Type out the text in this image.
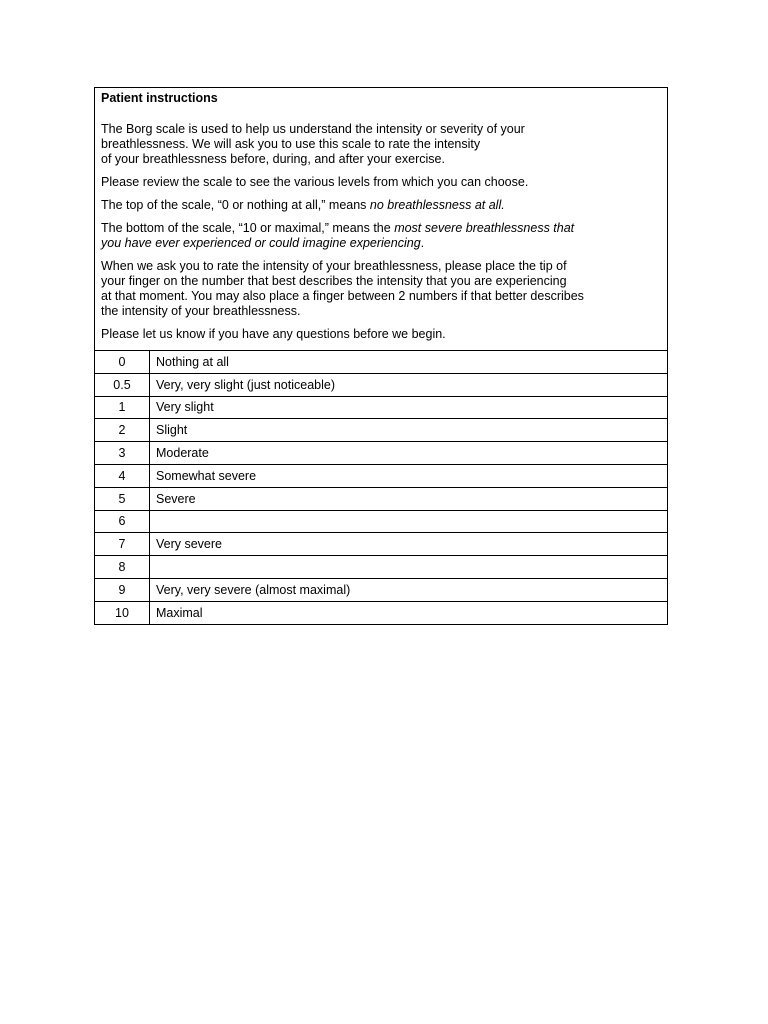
Patient instructions

The Borg scale is used to help us understand the intensity or severity of your
breathlessness. We will ask you to use this scale to rate the intensity
of your breathlessness before, during, and after your exercise.

Please review the scale to see the various levels from which you can choose.

The top of the scale, “0 or nothing at all,” means no breathlessness at all.

The bottom of the scale, “10 or maximal,” means the most severe breathlessness that
you have ever experienced or could imagine experiencing.

When we ask you to rate the intensity of your breathlessness, please place the tip of
your finger on the number that best describes the intensity that you are experiencing
at that moment. You may also place a finger between 2 numbers if that better describes
the intensity of your breathlessness.

Please let us know if you have any questions before we begin.

0	Nothing at all
0.5	Very, very slight (just noticeable)
1	Very slight
2	Slight
3	Moderate
4	Somewhat severe
5	Severe
6	
7	Very severe
8	
9	Very, very severe (almost maximal)
10	Maximal
